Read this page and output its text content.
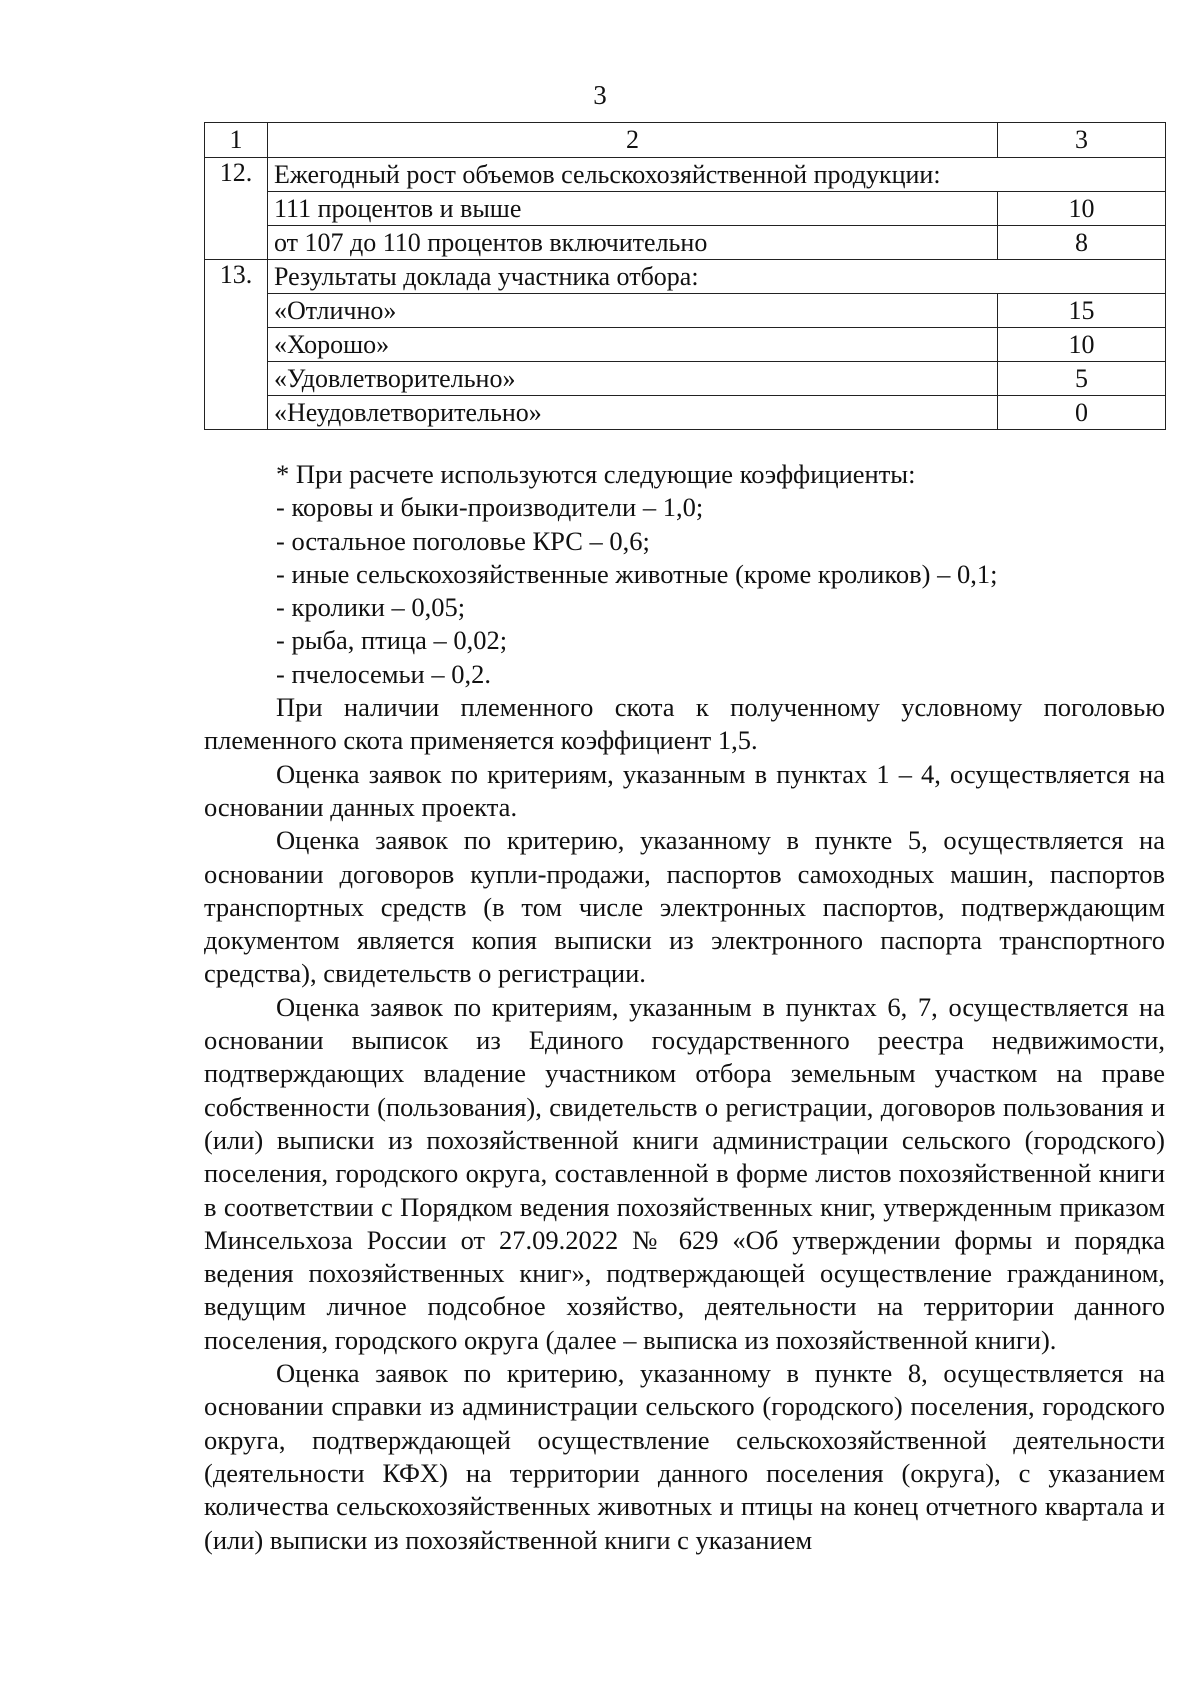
3
1	2	3
12.	Ежегодный рост объемов сельскохозяйственной продукции:	
	111 процентов и выше	10
	от 107 до 110 процентов включительно	8
13.	Результаты доклада участника отбора:	
	«Отлично»	15
	«Хорошо»	10
	«Удовлетворительно»	5
	«Неудовлетворительно»	0

* При расчете используются следующие коэффициенты:

- коровы и быки-производители – 1,0;

- остальное поголовье КРС – 0,6;

- иные сельскохозяйственные животные (кроме кроликов) – 0,1;

- кролики – 0,05;

- рыба, птица – 0,02;

- пчелосемьи – 0,2.

При наличии племенного скота к полученному условному поголовью племенного скота применяется коэффициент 1,5.

Оценка заявок по критериям, указанным в пунктах 1 – 4, осуществляется на основании данных проекта.

Оценка заявок по критерию, указанному в пункте 5, осуществляется на основании договоров купли-продажи, паспортов самоходных машин, паспортов транспортных средств (в том числе электронных паспортов, подтверждающим документом является копия выписки из электронного паспорта транспортного средства), свидетельств о регистрации.

Оценка заявок по критериям, указанным в пунктах 6, 7, осуществляется на основании выписок из Единого государственного реестра недвижимости, подтверждающих владение участником отбора земельным участком на праве собственности (пользования), свидетельств о регистрации, договоров пользования и (или) выписки из похозяйственной книги администрации сельского (городского) поселения, городского округа, составленной в форме листов похозяйственной книги в соответствии с Порядком ведения похозяйственных книг, утвержденным приказом Минсельхоза России от 27.09.2022 № 629 «Об утверждении формы и порядка ведения похозяйственных книг», подтверждающей осуществление гражданином, ведущим личное подсобное хозяйство, деятельности на территории данного поселения, городского округа (далее – выписка из похозяйственной книги).

Оценка заявок по критерию, указанному в пункте 8, осуществляется на основании справки из администрации сельского (городского) поселения, городского округа, подтверждающей осуществление сельскохозяйственной деятельности (деятельности КФХ) на территории данного поселения (округа), с указанием количества сельскохозяйственных животных и птицы на конец отчетного квартала и (или) выписки из похозяйственной книги с указанием
